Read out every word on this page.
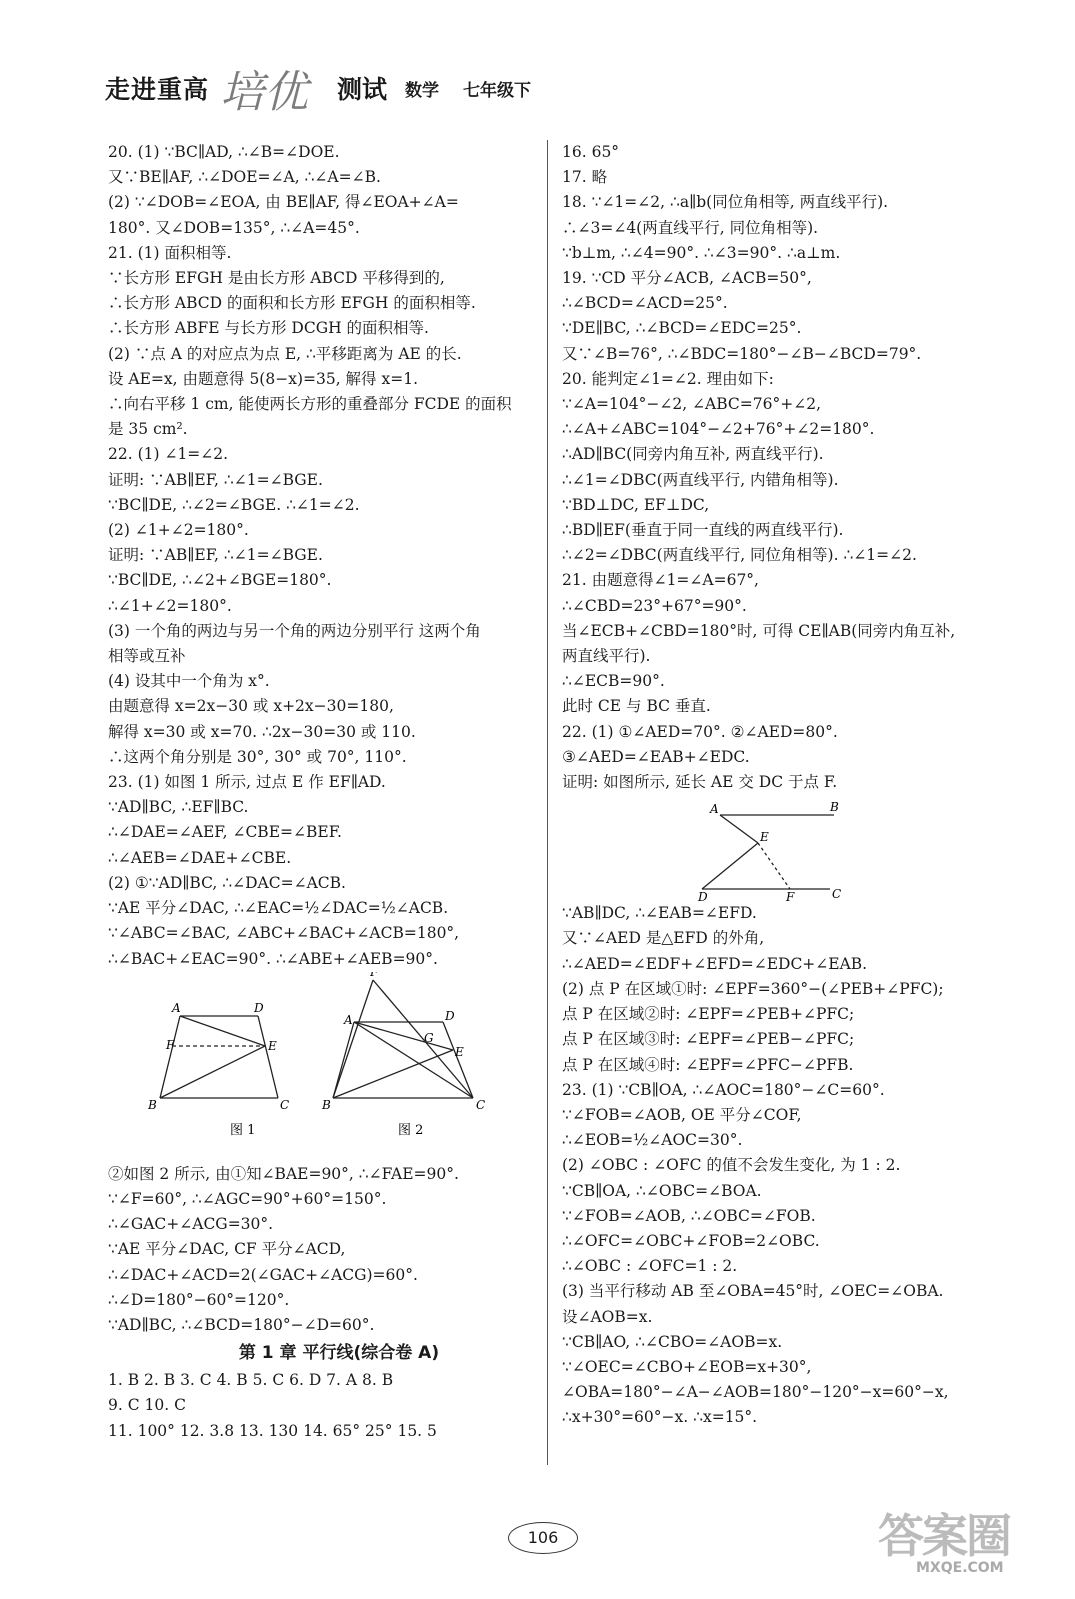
走进重高 培优 测试 数学 七年级下
20. (1) ∵BC∥AD, ∴∠B=∠DOE.
又∵BE∥AF, ∴∠DOE=∠A, ∴∠A=∠B.
(2) ∵∠DOB=∠EOA, 由 BE∥AF, 得∠EOA+∠A=
180°. 又∠DOB=135°, ∴∠A=45°.
21. (1) 面积相等.
∵长方形 EFGH 是由长方形 ABCD 平移得到的,
∴长方形 ABCD 的面积和长方形 EFGH 的面积相等.
∴长方形 ABFE 与长方形 DCGH 的面积相等.
(2) ∵点 A 的对应点为点 E, ∴平移距离为 AE 的长.
设 AE=x, 由题意得 5(8−x)=35, 解得 x=1.
∴向右平移 1 cm, 能使两长方形的重叠部分 FCDE 的面积
是 35 cm².
22. (1) ∠1=∠2.
证明: ∵AB∥EF, ∴∠1=∠BGE.
∵BC∥DE, ∴∠2=∠BGE. ∴∠1=∠2.
(2) ∠1+∠2=180°.
证明: ∵AB∥EF, ∴∠1=∠BGE.
∵BC∥DE, ∴∠2+∠BGE=180°.
∴∠1+∠2=180°.
(3) 一个角的两边与另一个角的两边分别平行 这两个角
相等或互补
(4) 设其中一个角为 x°.
由题意得 x=2x−30 或 x+2x−30=180,
解得 x=30 或 x=70. ∴2x−30=30 或 110.
∴这两个角分别是 30°, 30° 或 70°, 110°.
23. (1) 如图 1 所示, 过点 E 作 EF∥AD.
∵AD∥BC, ∴EF∥BC.
∴∠DAE=∠AEF, ∠CBE=∠BEF.
∴∠AEB=∠DAE+∠CBE.
(2) ①∵AD∥BC, ∴∠DAC=∠ACB.
∵AE 平分∠DAC, ∴∠EAC=½∠DAC=½∠ACB.
∵∠ABC=∠BAC, ∠ABC+∠BAC+∠ACB=180°,
∴∠BAC+∠EAC=90°. ∴∠ABE+∠AEB=90°.
A	D
F	E
B	C
图 1
F
A	D
G
E
B	C
图 2
②如图 2 所示, 由①知∠BAE=90°, ∴∠FAE=90°.
∵∠F=60°, ∴∠AGC=90°+60°=150°.
∴∠GAC+∠ACG=30°.
∵AE 平分∠DAC, CF 平分∠ACD,
∴∠DAC+∠ACD=2(∠GAC+∠ACG)=60°.
∴∠D=180°−60°=120°.
∵AD∥BC, ∴∠BCD=180°−∠D=60°.
第 1 章 平行线(综合卷 A)
1. B 2. B 3. C 4. B 5. C 6. D 7. A 8. B
9. C 10. C
11. 100° 12. 3.8 13. 130 14. 65° 25° 15. 5
16. 65°
17. 略
18. ∵∠1=∠2, ∴a∥b(同位角相等, 两直线平行).
∴∠3=∠4(两直线平行, 同位角相等).
∵b⊥m, ∴∠4=90°. ∴∠3=90°. ∴a⊥m.
19. ∵CD 平分∠ACB, ∠ACB=50°,
∴∠BCD=∠ACD=25°.
∵DE∥BC, ∴∠BCD=∠EDC=25°.
又∵∠B=76°, ∴∠BDC=180°−∠B−∠BCD=79°.
20. 能判定∠1=∠2. 理由如下:
∵∠A=104°−∠2, ∠ABC=76°+∠2,
∴∠A+∠ABC=104°−∠2+76°+∠2=180°.
∴AD∥BC(同旁内角互补, 两直线平行).
∴∠1=∠DBC(两直线平行, 内错角相等).
∵BD⊥DC, EF⊥DC,
∴BD∥EF(垂直于同一直线的两直线平行).
∴∠2=∠DBC(两直线平行, 同位角相等). ∴∠1=∠2.
21. 由题意得∠1=∠A=67°,
∴∠CBD=23°+67°=90°.
当∠ECB+∠CBD=180°时, 可得 CE∥AB(同旁内角互补,
两直线平行).
∴∠ECB=90°.
此时 CE 与 BC 垂直.
22. (1) ①∠AED=70°. ②∠AED=80°.
③∠AED=∠EAB+∠EDC.
证明: 如图所示, 延长 AE 交 DC 于点 F.
A	B
E
D	F	C
∵AB∥DC, ∴∠EAB=∠EFD.
又∵∠AED 是△EFD 的外角,
∴∠AED=∠EDF+∠EFD=∠EDC+∠EAB.
(2) 点 P 在区域①时: ∠EPF=360°−(∠PEB+∠PFC);
点 P 在区域②时: ∠EPF=∠PEB+∠PFC;
点 P 在区域③时: ∠EPF=∠PEB−∠PFC;
点 P 在区域④时: ∠EPF=∠PFC−∠PFB.
23. (1) ∵CB∥OA, ∴∠AOC=180°−∠C=60°.
∵∠FOB=∠AOB, OE 平分∠COF,
∴∠EOB=½∠AOC=30°.
(2) ∠OBC : ∠OFC 的值不会发生变化, 为 1 : 2.
∵CB∥OA, ∴∠OBC=∠BOA.
∵∠FOB=∠AOB, ∴∠OBC=∠FOB.
∴∠OFC=∠OBC+∠FOB=2∠OBC.
∴∠OBC : ∠OFC=1 : 2.
(3) 当平行移动 AB 至∠OBA=45°时, ∠OEC=∠OBA.
设∠AOB=x.
∵CB∥AO, ∴∠CBO=∠AOB=x.
∵∠OEC=∠CBO+∠EOB=x+30°,
∠OBA=180°−∠A−∠AOB=180°−120°−x=60°−x,
∴x+30°=60°−x. ∴x=15°.
106	答案圈
MXQE.COM
